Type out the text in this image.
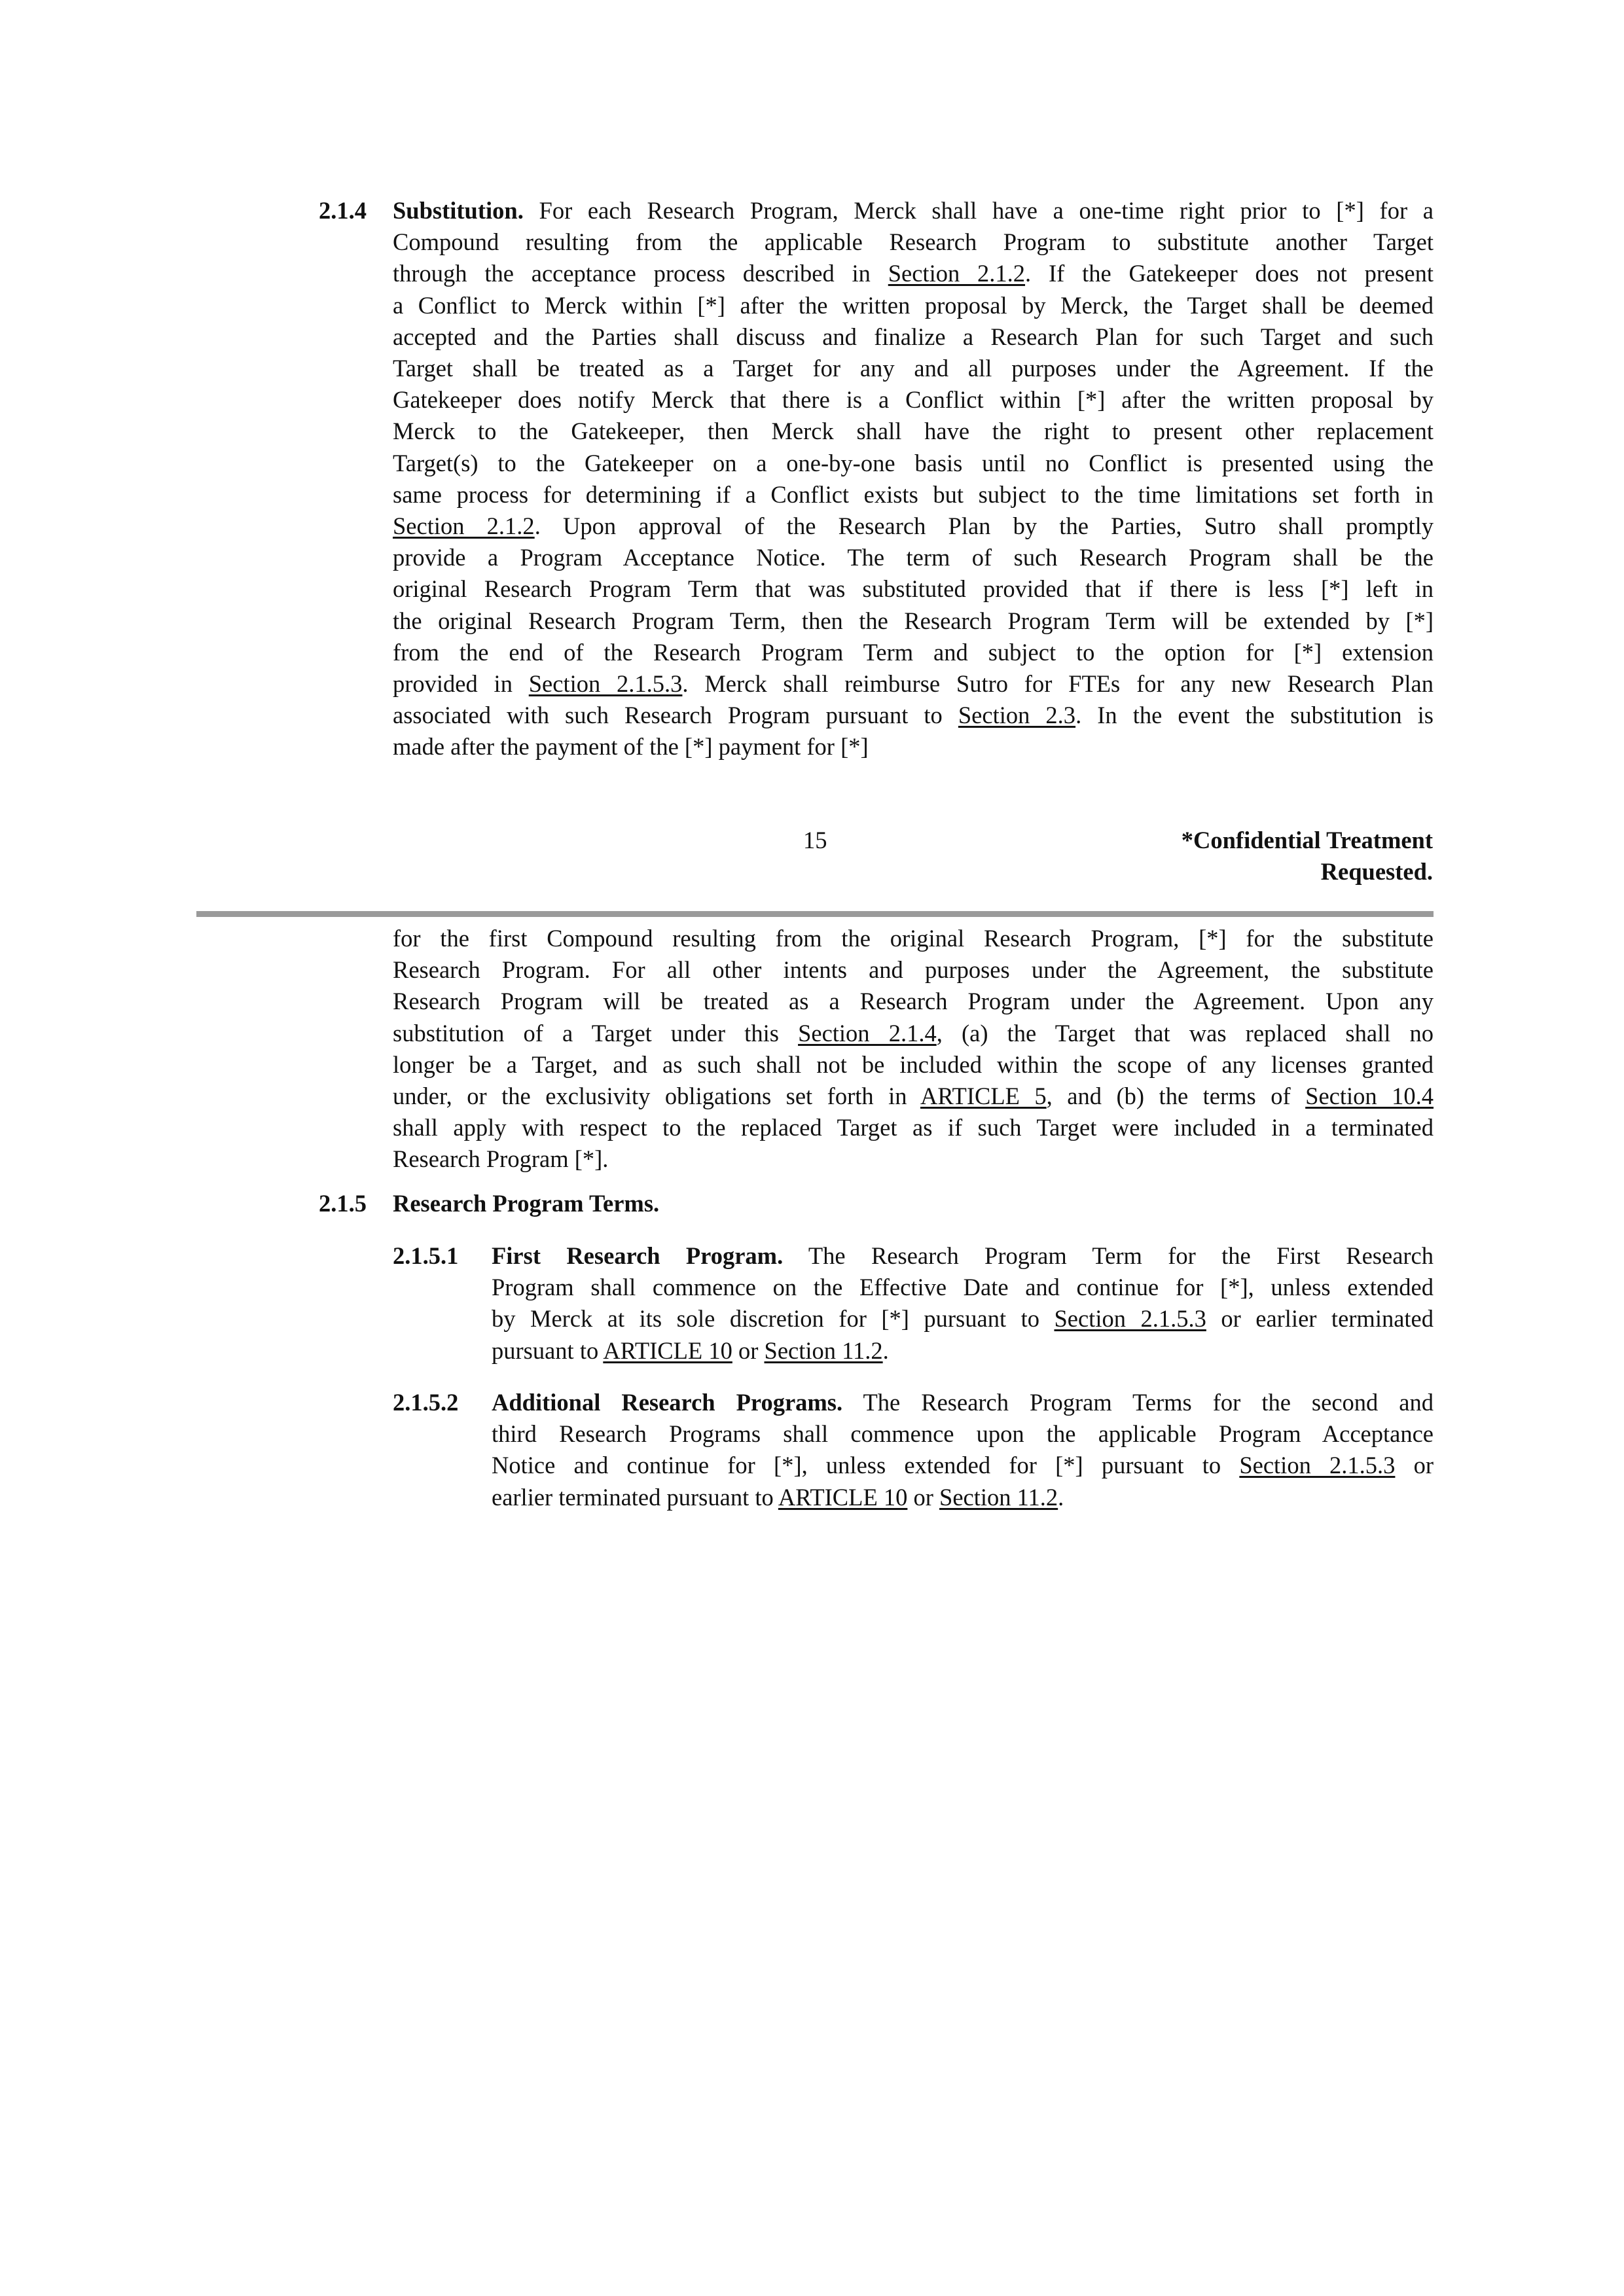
2.1.4 Substitution. For each Research Program, Merck shall have a one-time right prior to [*] for a
Compound resulting from the applicable Research Program to substitute another Target
through the acceptance process described in Section 2.1.2. If the Gatekeeper does not present
a Conflict to Merck within [*] after the written proposal by Merck, the Target shall be deemed
accepted and the Parties shall discuss and finalize a Research Plan for such Target and such
Target shall be treated as a Target for any and all purposes under the Agreement. If the
Gatekeeper does notify Merck that there is a Conflict within [*] after the written proposal by
Merck to the Gatekeeper, then Merck shall have the right to present other replacement
Target(s) to the Gatekeeper on a one-by-one basis until no Conflict is presented using the
same process for determining if a Conflict exists but subject to the time limitations set forth in
Section 2.1.2. Upon approval of the Research Plan by the Parties, Sutro shall promptly
provide a Program Acceptance Notice. The term of such Research Program shall be the
original Research Program Term that was substituted provided that if there is less [*] left in
the original Research Program Term, then the Research Program Term will be extended by [*]
from the end of the Research Program Term and subject to the option for [*] extension
provided in Section 2.1.5.3. Merck shall reimburse Sutro for FTEs for any new Research Plan
associated with such Research Program pursuant to Section 2.3. In the event the substitution is
made after the payment of the [*] payment for [*]
15	*Confidential Treatment
Requested.
for the first Compound resulting from the original Research Program, [*] for the substitute
Research Program. For all other intents and purposes under the Agreement, the substitute
Research Program will be treated as a Research Program under the Agreement. Upon any
substitution of a Target under this Section 2.1.4, (a) the Target that was replaced shall no
longer be a Target, and as such shall not be included within the scope of any licenses granted
under, or the exclusivity obligations set forth in ARTICLE 5, and (b) the terms of Section 10.4
shall apply with respect to the replaced Target as if such Target were included in a terminated
Research Program [*].
2.1.5 Research Program Terms.
2.1.5.1 First Research Program. The Research Program Term for the First Research
Program shall commence on the Effective Date and continue for [*], unless extended
by Merck at its sole discretion for [*] pursuant to Section 2.1.5.3 or earlier terminated
pursuant to ARTICLE 10 or Section 11.2.
2.1.5.2 Additional Research Programs. The Research Program Terms for the second and
third Research Programs shall commence upon the applicable Program Acceptance
Notice and continue for [*], unless extended for [*] pursuant to Section 2.1.5.3 or
earlier terminated pursuant to ARTICLE 10 or Section 11.2.
